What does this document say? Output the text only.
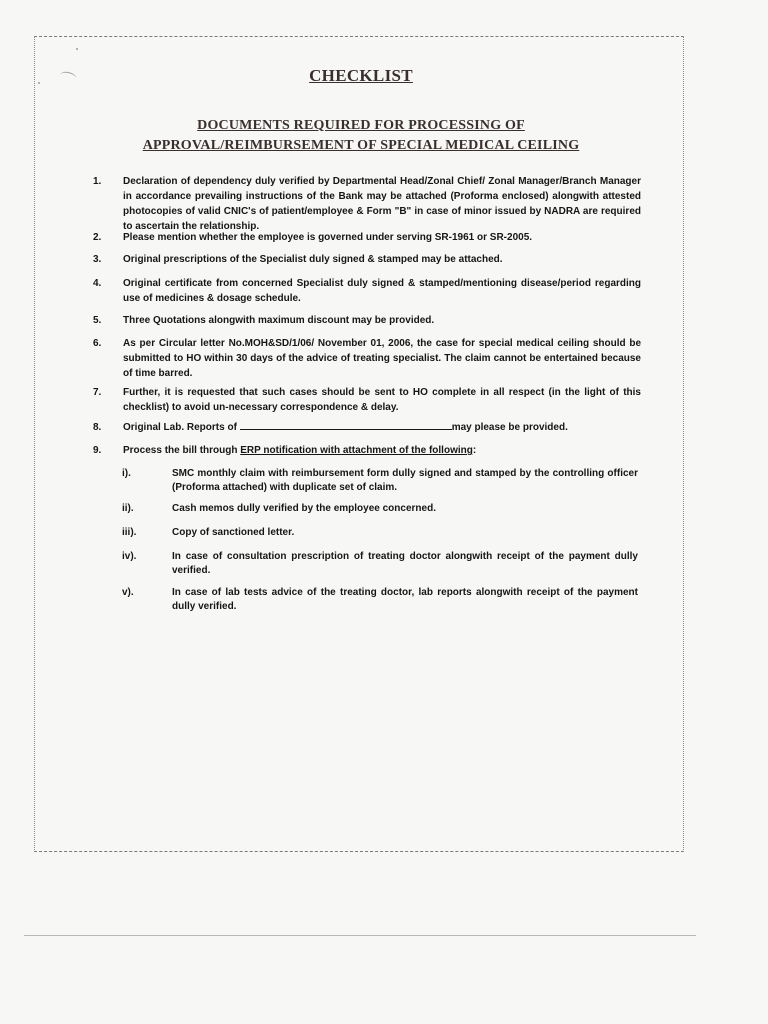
CHECKLIST
DOCUMENTS REQUIRED FOR PROCESSING OF
APPROVAL/REIMBURSEMENT OF SPECIAL MEDICAL CEILING
1. Declaration of dependency duly verified by Departmental Head/Zonal Chief/ Zonal Manager/Branch Manager in accordance prevailing instructions of the Bank may be attached (Proforma enclosed) alongwith attested photocopies of valid CNIC's of patient/employee & Form "B" in case of minor issued by NADRA are required to ascertain the relationship.
2. Please mention whether the employee is governed under serving SR-1961 or SR-2005.
3. Original prescriptions of the Specialist duly signed & stamped may be attached.
4. Original certificate from concerned Specialist duly signed & stamped/mentioning disease/period regarding use of medicines & dosage schedule.
5. Three Quotations alongwith maximum discount may be provided.
6. As per Circular letter No.MOH&SD/1/06/ November 01, 2006, the case for special medical ceiling should be submitted to HO within 30 days of the advice of treating specialist. The claim cannot be entertained because of time barred.
7. Further, it is requested that such cases should be sent to HO complete in all respect (in the light of this checklist) to avoid un-necessary correspondence & delay.
8. Original Lab. Reports of	may please be provided.
9. Process the bill through ERP notification with attachment of the following:
i).	SMC monthly claim with reimbursement form dully signed and stamped by the controlling officer (Proforma attached) with duplicate set of claim.
ii).	Cash memos dully verified by the employee concerned.
iii).	Copy of sanctioned letter.
iv).	In case of consultation prescription of treating doctor alongwith receipt of the payment dully verified.
v).	In case of lab tests advice of the treating doctor, lab reports alongwith receipt of the payment dully verified.
